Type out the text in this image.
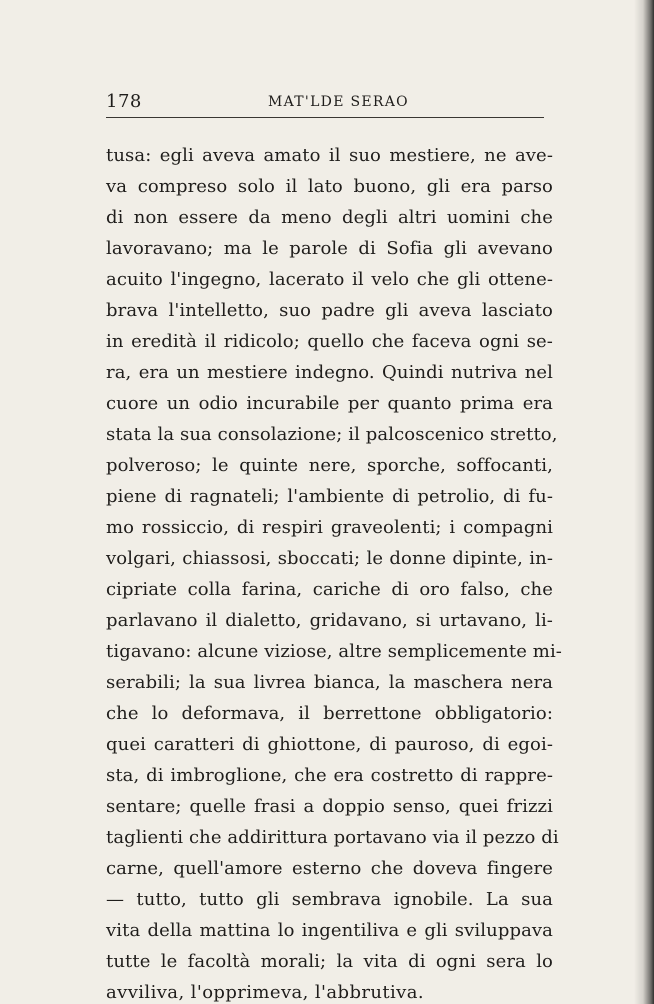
178	MAT'LDE SERAO
tusa: egli aveva amato il suo mestiere, ne ave-
va compreso solo il lato buono, gli era parso
di non essere da meno degli altri uomini che
lavoravano; ma le parole di Sofia gli avevano
acuito l'ingegno, lacerato il velo che gli ottene-
brava l'intelletto, suo padre gli aveva lasciato
in eredità il ridicolo; quello che faceva ogni se-
ra, era un mestiere indegno. Quindi nutriva nel
cuore un odio incurabile per quanto prima era
stata la sua consolazione; il palcoscenico stretto,
polveroso; le quinte nere, sporche, soffocanti,
piene di ragnateli; l'ambiente di petrolio, di fu-
mo rossiccio, di respiri graveolenti; i compagni
volgari, chiassosi, sboccati; le donne dipinte, in-
cipriate colla farina, cariche di oro falso, che
parlavano il dialetto, gridavano, si urtavano, li-
tigavano: alcune viziose, altre semplicemente mi-
serabili; la sua livrea bianca, la maschera nera
che lo deformava, il berrettone obbligatorio:
quei caratteri di ghiottone, di pauroso, di egoi-
sta, di imbroglione, che era costretto di rappre-
sentare; quelle frasi a doppio senso, quei frizzi
taglienti che addirittura portavano via il pezzo di
carne, quell'amore esterno che doveva fingere
— tutto, tutto gli sembrava ignobile. La sua
vita della mattina lo ingentiliva e gli sviluppava
tutte le facoltà morali; la vita di ogni sera lo
avviliva, l'opprimeva, l'abbrutiva.
